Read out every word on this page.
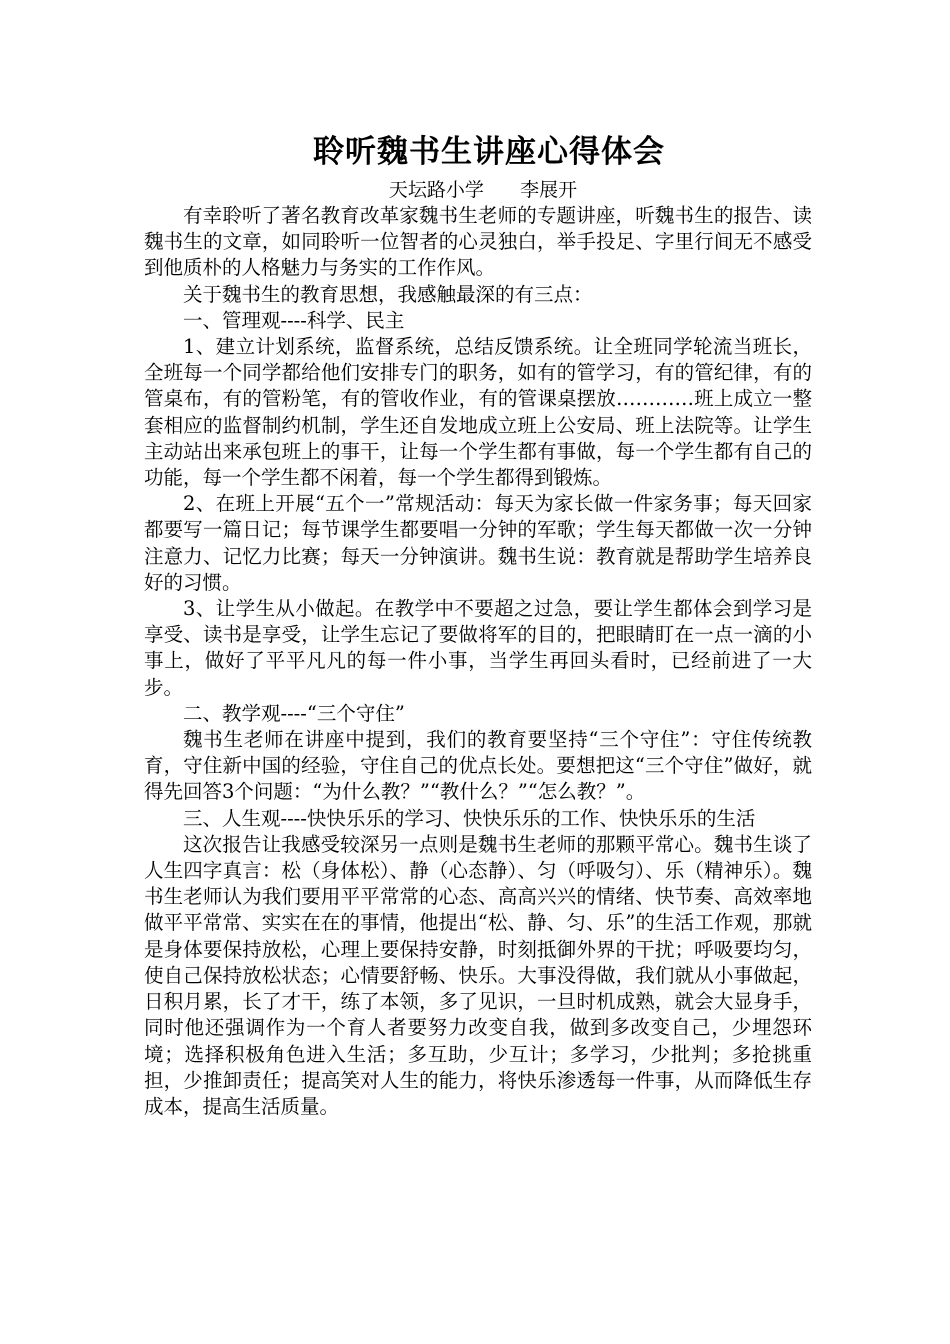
聆听魏书生讲座心得体会
天坛路小学      李展开

有幸聆听了著名教育改革家魏书生老师的专题讲座，听魏书生的报告、读魏书生的文章，如同聆听一位智者的心灵独白，举手投足、字里行间无不感受到他质朴的人格魅力与务实的工作作风。

关于魏书生的教育思想，我感触最深的有三点：

一、管理观----科学、民主

1、建立计划系统，监督系统，总结反馈系统。让全班同学轮流当班长，全班每一个同学都给他们安排专门的职务，如有的管学习，有的管纪律，有的管桌布，有的管粉笔，有的管收作业，有的管课桌摆放…………班上成立一整套相应的监督制约机制，学生还自发地成立班上公安局、班上法院等。让学生主动站出来承包班上的事干，让每一个学生都有事做，每一个学生都有自己的功能，每一个学生都不闲着，每一个学生都得到锻炼。

2、在班上开展“五个一”常规活动：每天为家长做一件家务事；每天回家都要写一篇日记；每节课学生都要唱一分钟的军歌；学生每天都做一次一分钟注意力、记忆力比赛；每天一分钟演讲。魏书生说：教育就是帮助学生培养良好的习惯。

3、让学生从小做起。在教学中不要超之过急，要让学生都体会到学习是享受、读书是享受，让学生忘记了要做将军的目的，把眼睛盯在一点一滴的小事上，做好了平平凡凡的每一件小事，当学生再回头看时，已经前进了一大步。

二、教学观----“三个守住”

魏书生老师在讲座中提到，我们的教育要坚持“三个守住”：守住传统教育，守住新中国的经验，守住自己的优点长处。要想把这“三个守住”做好，就得先回答3个问题：“为什么教？”“教什么？”“怎么教？”。

三、人生观----快快乐乐的学习、快快乐乐的工作、快快乐乐的生活

这次报告让我感受较深另一点则是魏书生老师的那颗平常心。魏书生谈了人生四字真言：松（身体松）、静（心态静）、匀（呼吸匀）、乐（精神乐）。魏书生老师认为我们要用平平常常的心态、高高兴兴的情绪、快节奏、高效率地做平平常常、实实在在的事情，他提出“松、静、匀、乐”的生活工作观，那就是身体要保持放松，心理上要保持安静，时刻抵御外界的干扰；呼吸要均匀，使自己保持放松状态；心情要舒畅、快乐。大事没得做，我们就从小事做起，日积月累，长了才干，练了本领，多了见识，一旦时机成熟，就会大显身手，同时他还强调作为一个育人者要努力改变自我，做到多改变自己，少埋怨环境；选择积极角色进入生活；多互助，少互计；多学习，少批判；多抢挑重担，少推卸责任；提高笑对人生的能力，将快乐渗透每一件事，从而降低生存成本，提高生活质量。
